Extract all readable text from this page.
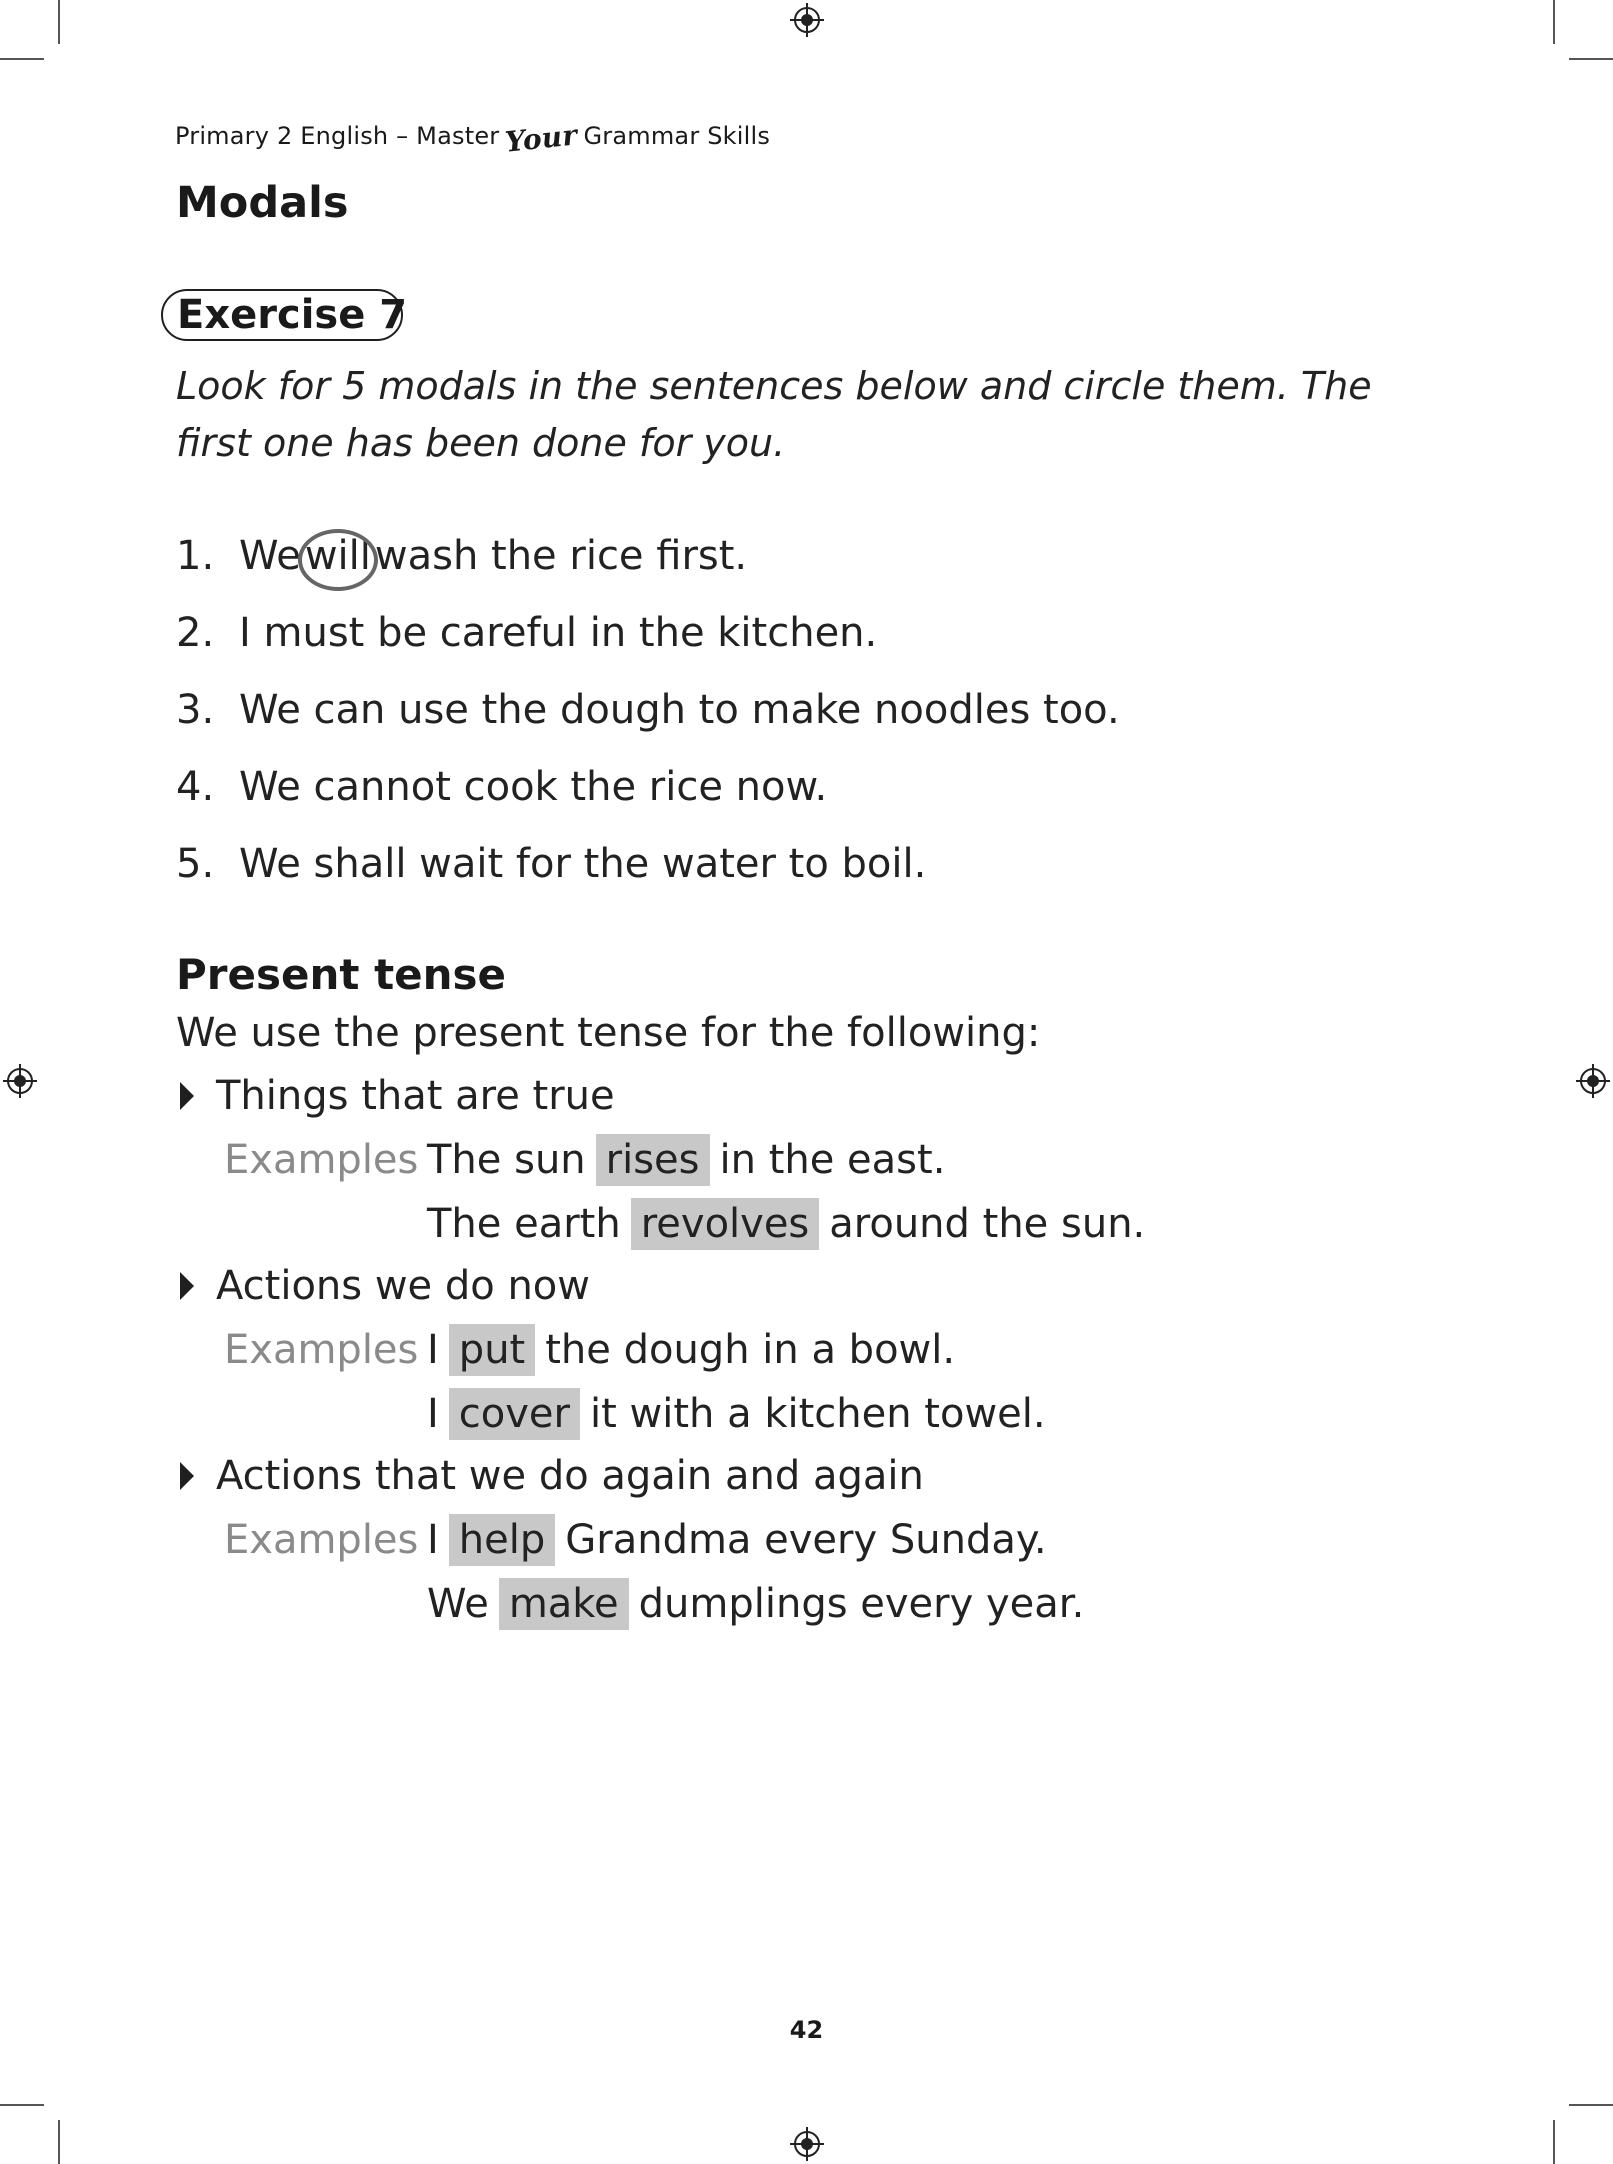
Primary 2 English – Master Your Grammar Skills
Modals
Exercise 7
Look for 5 modals in the sentences below and circle them. The first one has been done for you.
1. We will wash the rice first.
2. I must be careful in the kitchen.
3. We can use the dough to make noodles too.
4. We cannot cook the rice now.
5. We shall wait for the water to boil.
Present tense
We use the present tense for the following:
Things that are true
Examples The sun rises in the east.
The earth revolves around the sun.
Actions we do now
Examples I put the dough in a bowl.
I cover it with a kitchen towel.
Actions that we do again and again
Examples I help Grandma every Sunday.
We make dumplings every year.
42
